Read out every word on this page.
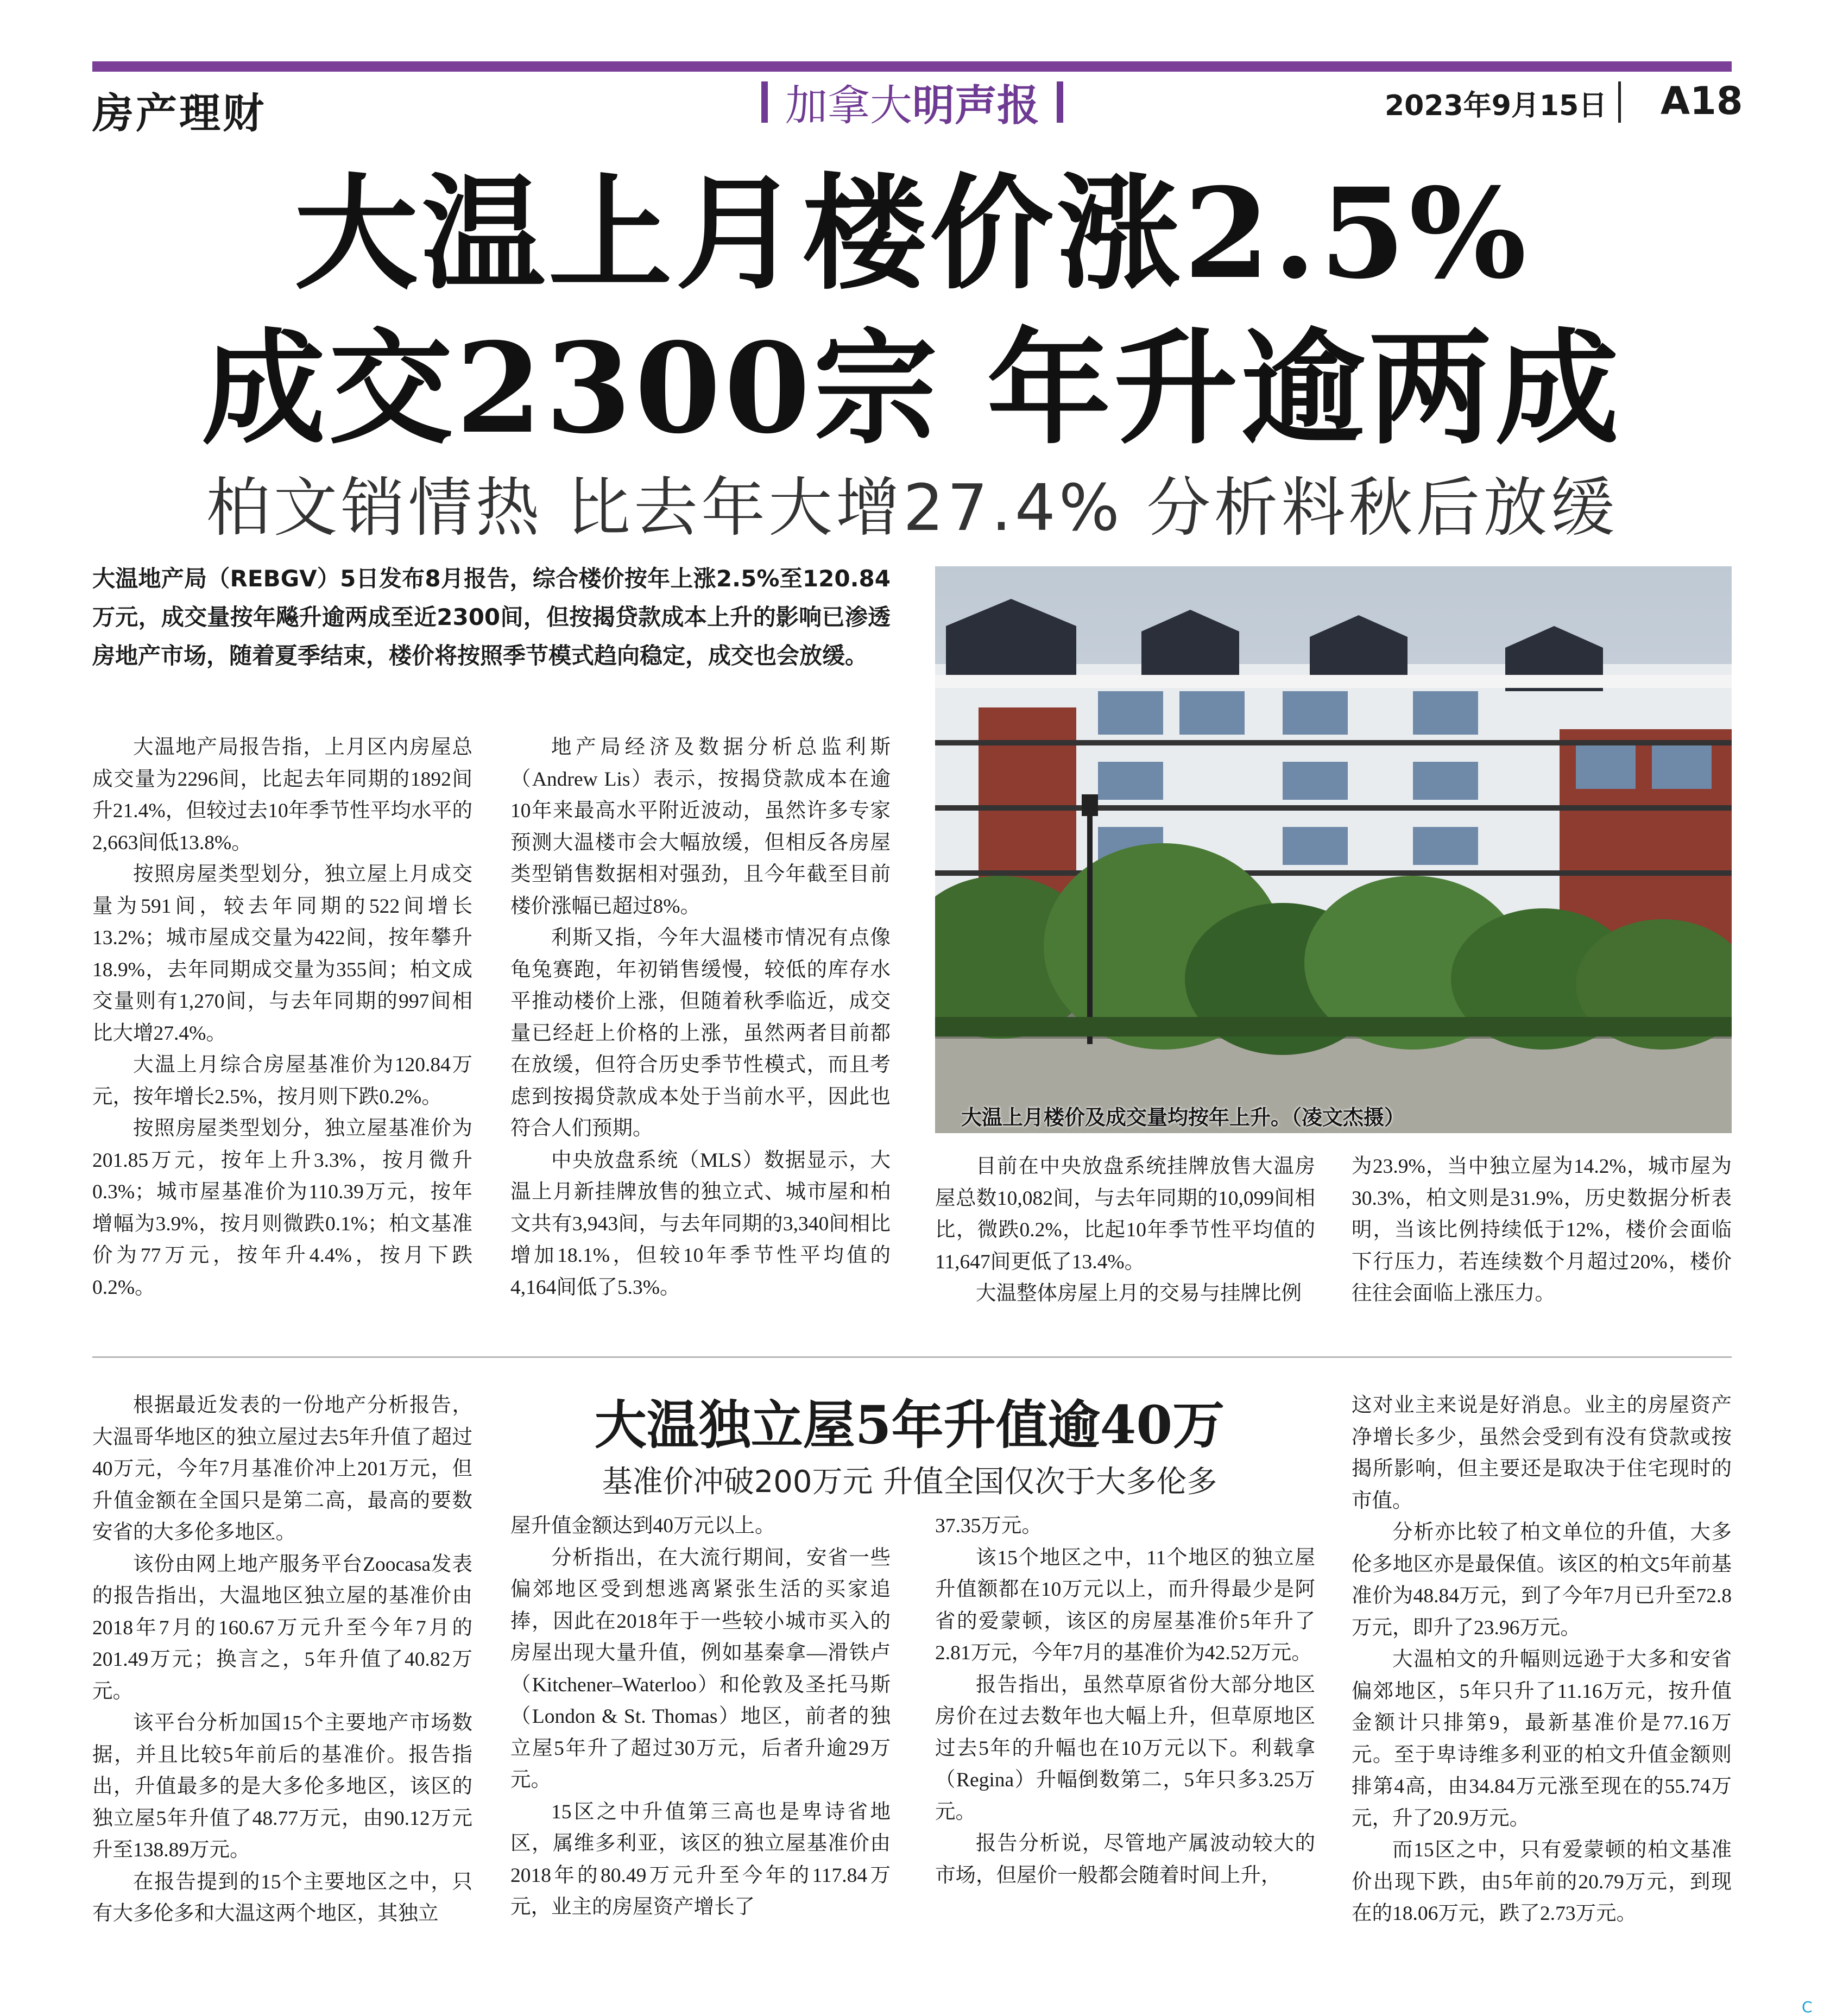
房产理财	加拿大 明声报	2023年9月15日 A18
大温上月楼价涨2.5%
成交2300宗 年升逾两成
柏文销情热 比去年大增27.4% 分析料秋后放缓
大温地产局（REBGV）5日发布8月报告，综合楼价按年上涨2.5%至120.84万元，成交量按年飚升逾两成至近2300间，但按揭贷款成本上升的影响已渗透房地产市场，随着夏季结束，楼价将按照季节模式趋向稳定，成交也会放缓。

大温地产局报告指，上月区内房屋总成交量为2296间，比起去年同期的1892间升21.4%，但较过去10年季节性平均水平的2,663间低13.8%。

按照房屋类型划分，独立屋上月成交量为591间，较去年同期的522间增长13.2%；城市屋成交量为422间，按年攀升18.9%，去年同期成交量为355间；柏文成交量则有1,270间，与去年同期的997间相比大增27.4%。

大温上月综合房屋基准价为120.84万元，按年增长2.5%，按月则下跌0.2%。

按照房屋类型划分，独立屋基准价为201.85万元，按年上升3.3%，按月微升0.3%；城市屋基准价为110.39万元，按年增幅为3.9%，按月则微跌0.1%；柏文基准价为77万元，按年升4.4%，按月下跌0.2%。

地产局经济及数据分析总监利斯（Andrew Lis）表示，按揭贷款成本在逾10年来最高水平附近波动，虽然许多专家预测大温楼市会大幅放缓，但相反各房屋类型销售数据相对强劲，且今年截至目前楼价涨幅已超过8%。

利斯又指，今年大温楼市情况有点像龟兔赛跑，年初销售缓慢，较低的库存水平推动楼价上涨，但随着秋季临近，成交量已经赶上价格的上涨，虽然两者目前都在放缓，但符合历史季节性模式，而且考虑到按揭贷款成本处于当前水平，因此也符合人们预期。

中央放盘系统（MLS）数据显示，大温上月新挂牌放售的独立式、城市屋和柏文共有3,943间，与去年同期的3,340间相比增加18.1%，但较10年季节性平均值的4,164间低了5.3%。

大温上月楼价及成交量均按年上升。（凌文杰摄）

目前在中央放盘系统挂牌放售大温房屋总数10,082间，与去年同期的10,099间相比，微跌0.2%，比起10年季节性平均值的11,647间更低了13.4%。

大温整体房屋上月的交易与挂牌比例

为23.9%，当中独立屋为14.2%，城市屋为30.3%，柏文则是31.9%，历史数据分析表明，当该比例持续低于12%，楼价会面临下行压力，若连续数个月超过20%，楼价往往会面临上涨压力。

根据最近发表的一份地产分析报告，大温哥华地区的独立屋过去5年升值了超过40万元，今年7月基准价冲上201万元，但升值金额在全国只是第二高，最高的要数安省的大多伦多地区。

该份由网上地产服务平台Zoocasa发表的报告指出，大温地区独立屋的基准价由2018年7月的160.67万元升至今年7月的201.49万元；换言之，5年升值了40.82万元。

该平台分析加国15个主要地产市场数据，并且比较5年前后的基准价。报告指出，升值最多的是大多伦多地区，该区的独立屋5年升值了48.77万元，由90.12万元升至138.89万元。

在报告提到的15个主要地区之中，只有大多伦多和大温这两个地区，其独立

大温独立屋5年升值逾40万
基准价冲破200万元 升值全国仅次于大多伦多

屋升值金额达到40万元以上。

分析指出，在大流行期间，安省一些偏郊地区受到想逃离紧张生活的买家追捧，因此在2018年于一些较小城市买入的房屋出现大量升值，例如基秦拿—滑铁卢（Kitchener–Waterloo）和伦敦及圣托马斯（London & St. Thomas）地区，前者的独立屋5年升了超过30万元，后者升逾29万元。

15区之中升值第三高也是卑诗省地区，属维多利亚，该区的独立屋基准价由2018年的80.49万元升至今年的117.84万元，业主的房屋资产增长了

37.35万元。

该15个地区之中，11个地区的独立屋升值额都在10万元以上，而升得最少是阿省的爱蒙顿，该区的房屋基准价5年升了2.81万元，今年7月的基准价为42.52万元。

报告指出，虽然草原省份大部分地区房价在过去数年也大幅上升，但草原地区过去5年的升幅也在10万元以下。利载拿（Regina）升幅倒数第二，5年只多3.25万元。

报告分析说，尽管地产属波动较大的市场，但屋价一般都会随着时间上升，

这对业主来说是好消息。业主的房屋资产净增长多少，虽然会受到有没有贷款或按揭所影响，但主要还是取决于住宅现时的市值。

分析亦比较了柏文单位的升值，大多伦多地区亦是最保值。该区的柏文5年前基准价为48.84万元，到了今年7月已升至72.8万元，即升了23.96万元。

大温柏文的升幅则远逊于大多和安省偏郊地区，5年只升了11.16万元，按升值金额计只排第9，最新基准价是77.16万元。至于卑诗维多利亚的柏文升值金额则排第4高，由34.84万元涨至现在的55.74万元，升了20.9万元。

而15区之中，只有爱蒙顿的柏文基准价出现下跌，由5年前的20.79万元，到现在的18.06万元，跌了2.73万元。

C
